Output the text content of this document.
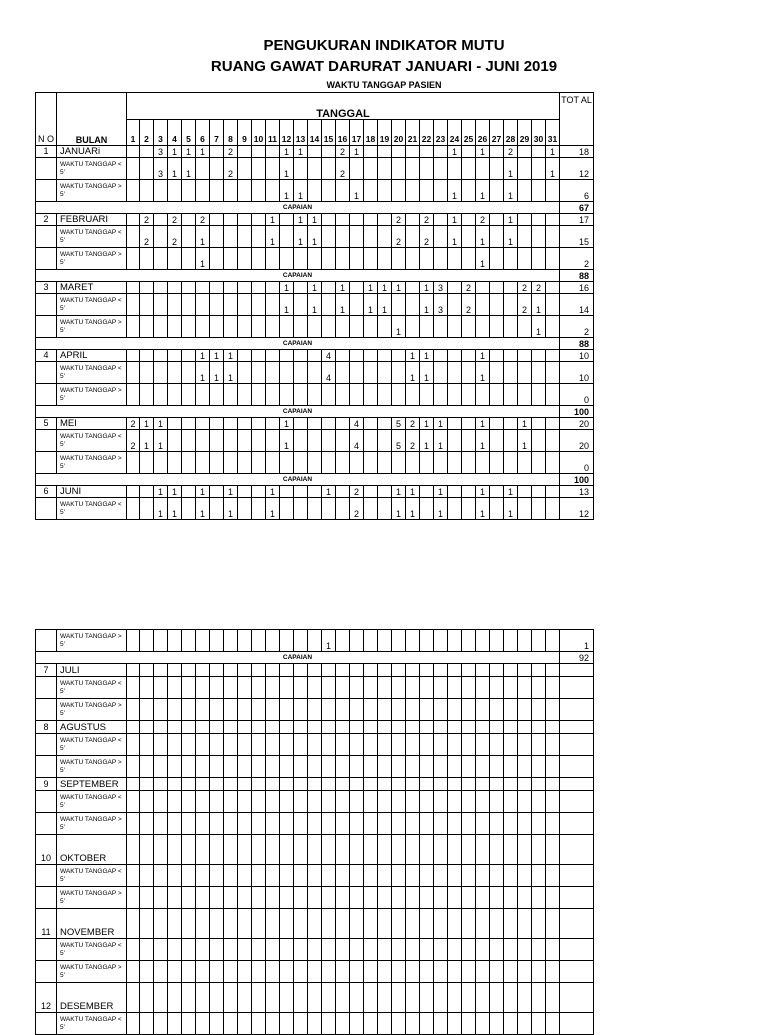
PENGUKURAN INDIKATOR MUTU
RUANG GAWAT DARURAT JANUARI - JUNI 2019
WAKTU TANGGAP PASIEN
N O	BULAN	TANGGAL																															TOT AL
		1	2	3	4	5	6	7	8	9	10	11	12	13	14	15	16	17	18	19	20	21	22	23	24	25	26	27	28	29	30	31	
1	JANUARi			3	1	1	1		2				1	1			2	1							1		1		2			1	18
	WAKTU TANGGAP < 5'			3	1	1			2				1				2												1			1	12
	WAKTU TANGGAP > 5'												1	1				1							1		1		1				6
CAPAIAN																																	67
2	FEBRUARI		2		2		2					1		1	1						2		2		1		2		1				17
	WAKTU TANGGAP < 5'		2		2		1					1		1	1						2		2		1		1		1				15
	WAKTU TANGGAP > 5'						1																				1						2
CAPAIAN																																	88
3	MARET												1		1		1		1	1	1		1	3		2				2	2		16
	WAKTU TANGGAP < 5'												1		1		1		1	1			1	3		2				2	1		14
	WAKTU TANGGAP > 5'																				1										1		2
CAPAIAN																																	88
4	APRIL						1	1	1							4						1	1				1						10
	WAKTU TANGGAP < 5'						1	1	1							4						1	1				1						10
	WAKTU TANGGAP > 5'																																0
CAPAIAN																																	100
5	MEI	2	1	1									1					4			5	2	1	1			1			1			20
	WAKTU TANGGAP < 5'	2	1	1									1					4			5	2	1	1			1			1			20
	WAKTU TANGGAP > 5'																																0
CAPAIAN																																	100
6	JUNI			1	1		1		1			1				1		2			1	1		1			1		1				13
	WAKTU TANGGAP < 5'			1	1		1		1			1						2			1	1		1			1		1				12
	WAKTU TANGGAP > 5'															1																	1
CAPAIAN																																	92
7	JULI																																
	WAKTU TANGGAP < 5'																																
	WAKTU TANGGAP > 5'																																
8	AGUSTUS																																
	WAKTU TANGGAP < 5'																																
	WAKTU TANGGAP > 5'																																
9	SEPTEMBER																																
	WAKTU TANGGAP < 5'																																
	WAKTU TANGGAP > 5'																																
10	OKTOBER																																
	WAKTU TANGGAP < 5'																																
	WAKTU TANGGAP > 5'																																
11	NOVEMBER																																
	WAKTU TANGGAP < 5'																																
	WAKTU TANGGAP > 5'																																
12	DESEMBER																																
	WAKTU TANGGAP < 5'																																
